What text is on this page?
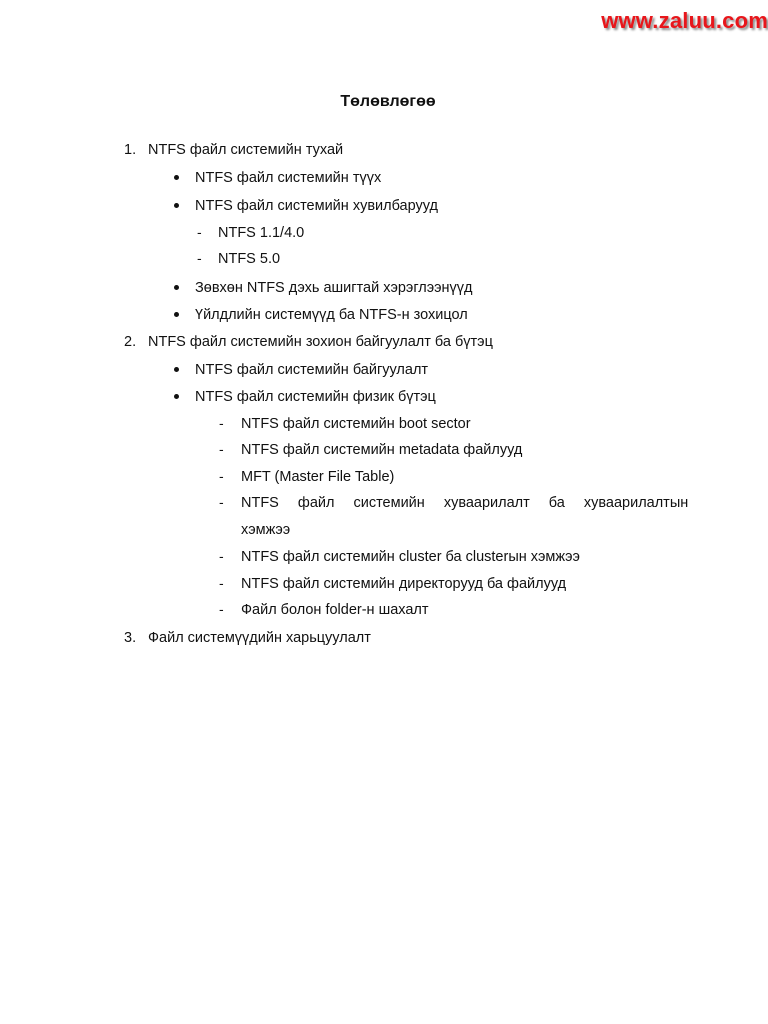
www.zaluu.com
Төлөвлөгөө
1. NTFS файл системийн тухай
NTFS файл системийн түүх
NTFS файл системийн хувилбарууд
- NTFS 1.1/4.0
- NTFS 5.0
Зөвхөн NTFS дэхь ашигтай хэрэглээнүүд
Үйлдлийн системүүд ба NTFS-н зохицол
2. NTFS файл системийн зохион байгуулалт ба бүтэц
NTFS файл системийн байгуулалт
NTFS файл системийн физик бүтэц
- NTFS файл системийн boot sector
- NTFS файл системийн metadata файлууд
- MFT (Master File Table)
- NTFS файл системийн хуваарилалт ба хуваарилалтын
хэмжээ
- NTFS файл системийн cluster ба clusterын хэмжээ
- NTFS файл системийн директорууд ба файлууд
- Файл болон folder-н шахалт
3. Файл системүүдийн харьцуулалт
